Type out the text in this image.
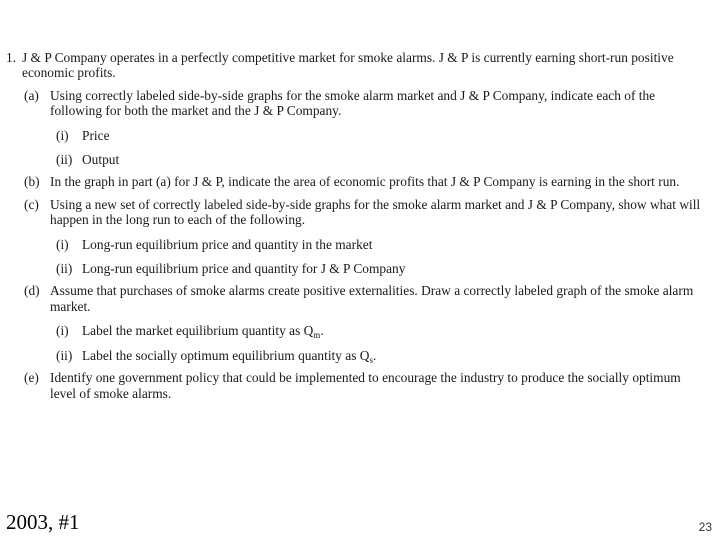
1. J & P Company operates in a perfectly competitive market for smoke alarms. J & P is currently earning short-run positive economic profits.
(a) Using correctly labeled side-by-side graphs for the smoke alarm market and J & P Company, indicate each of the following for both the market and the J & P Company.
(i) Price
(ii) Output
(b) In the graph in part (a) for J & P, indicate the area of economic profits that J & P Company is earning in the short run.
(c) Using a new set of correctly labeled side-by-side graphs for the smoke alarm market and J & P Company, show what will happen in the long run to each of the following.
(i) Long-run equilibrium price and quantity in the market
(ii) Long-run equilibrium price and quantity for J & P Company
(d) Assume that purchases of smoke alarms create positive externalities. Draw a correctly labeled graph of the smoke alarm market.
(i) Label the market equilibrium quantity as $Q_m$.
(ii) Label the socially optimum equilibrium quantity as $Q_s$.
(e) Identify one government policy that could be implemented to encourage the industry to produce the socially optimum level of smoke alarms.
2003, #1	23
